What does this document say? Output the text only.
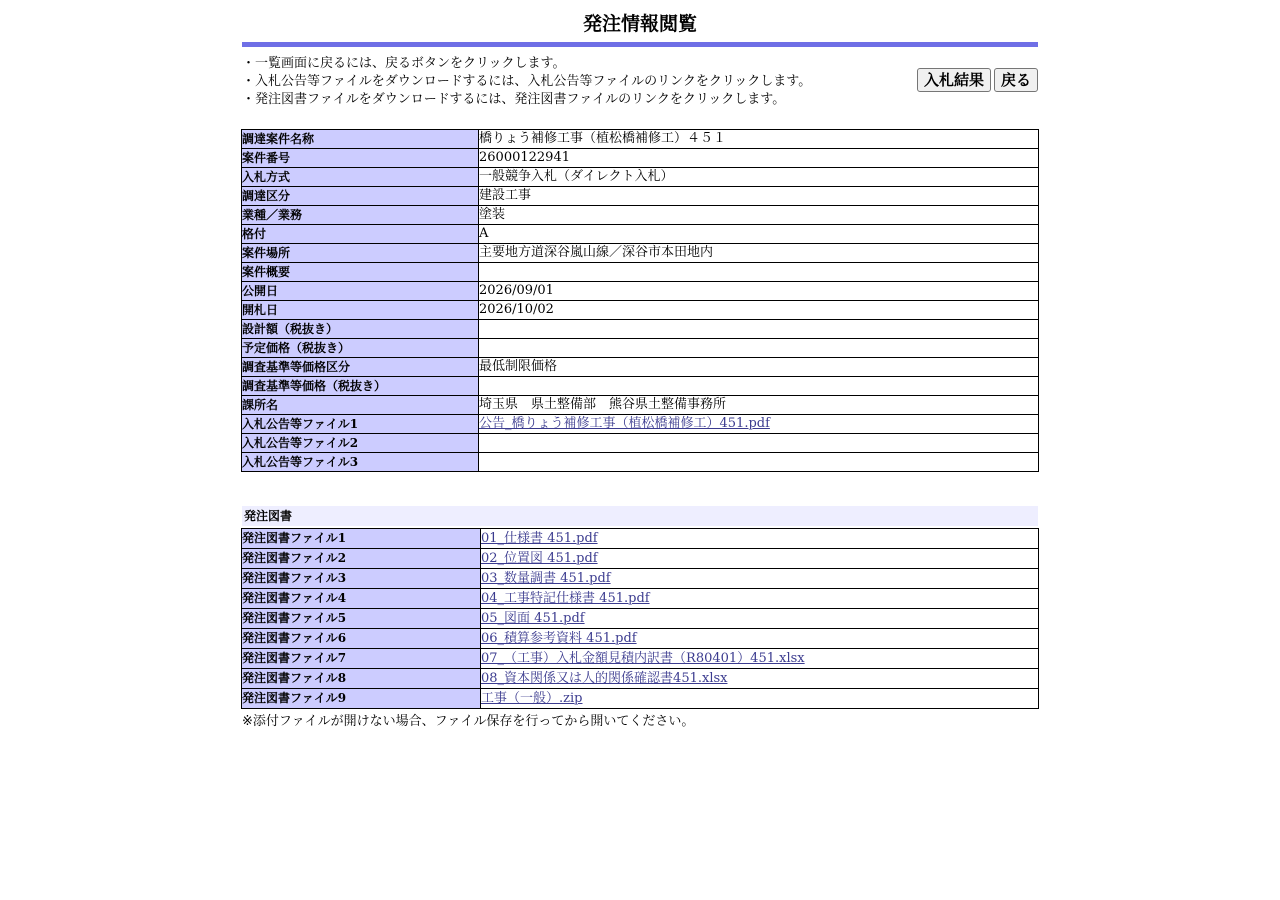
発注情報閲覧
・一覧画面に戻るには、戻るボタンをクリックします。
・入札公告等ファイルをダウンロードするには、入札公告等ファイルのリンクをクリックします。
・発注図書ファイルをダウンロードするには、発注図書ファイルのリンクをクリックします。
入札結果	戻る
調達案件名称	橋りょう補修工事（植松橋補修工）４５１
案件番号	26000122941
入札方式	一般競争入札（ダイレクト入札）
調達区分	建設工事
業種／業務	塗装
格付	A
案件場所	主要地方道深谷嵐山線／深谷市本田地内
案件概要	
公開日	2026/09/01
開札日	2026/10/02
設計額（税抜き）	
予定価格（税抜き）	
調査基準等価格区分	最低制限価格
調査基準等価格（税抜き）	
課所名	埼玉県　県土整備部　熊谷県土整備事務所
入札公告等ファイル1	公告_橋りょう補修工事（植松橋補修工）451.pdf
入札公告等ファイル2	
入札公告等ファイル3	
発注図書
発注図書ファイル1	01_仕様書 451.pdf
発注図書ファイル2	02_位置図 451.pdf
発注図書ファイル3	03_数量調書 451.pdf
発注図書ファイル4	04_工事特記仕様書 451.pdf
発注図書ファイル5	05_図面 451.pdf
発注図書ファイル6	06_積算参考資料 451.pdf
発注図書ファイル7	07_（工事）入札金額見積内訳書（R80401）451.xlsx
発注図書ファイル8	08_資本関係又は人的関係確認書451.xlsx
発注図書ファイル9	工事（一般）.zip
※添付ファイルが開けない場合、ファイル保存を行ってから開いてください。
